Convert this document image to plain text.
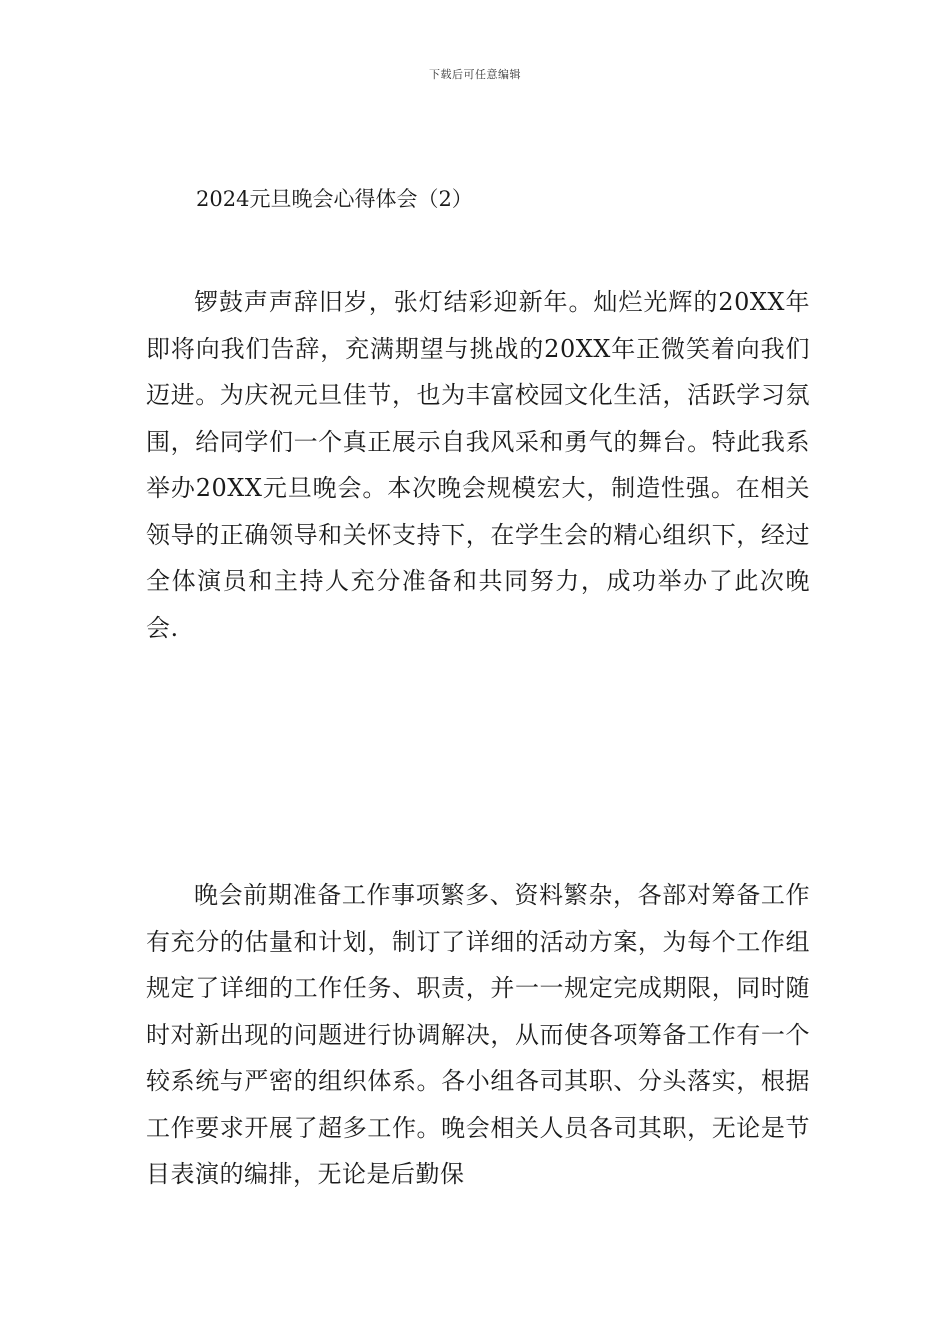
下载后可任意编辑
2024元旦晚会心得体会（2）

锣鼓声声辞旧岁，张灯结彩迎新年。灿烂光辉的20XX年即将向我们告辞，充满期望与挑战的20XX年正微笑着向我们迈进。为庆祝元旦佳节，也为丰富校园文化生活，活跃学习氛围，给同学们一个真正展示自我风采和勇气的舞台。特此我系举办20XX元旦晚会。本次晚会规模宏大，制造性强。在相关领导的正确领导和关怀支持下，在学生会的精心组织下，经过全体演员和主持人充分准备和共同努力，成功举办了此次晚会.

晚会前期准备工作事项繁多、资料繁杂，各部对筹备工作有充分的估量和计划，制订了详细的活动方案，为每个工作组规定了详细的工作任务、职责，并一一规定完成期限，同时随时对新出现的问题进行协调解决，从而使各项筹备工作有一个较系统与严密的组织体系。各小组各司其职、分头落实，根据工作要求开展了超多工作。晚会相关人员各司其职，无论是节目表演的编排，无论是后勤保
